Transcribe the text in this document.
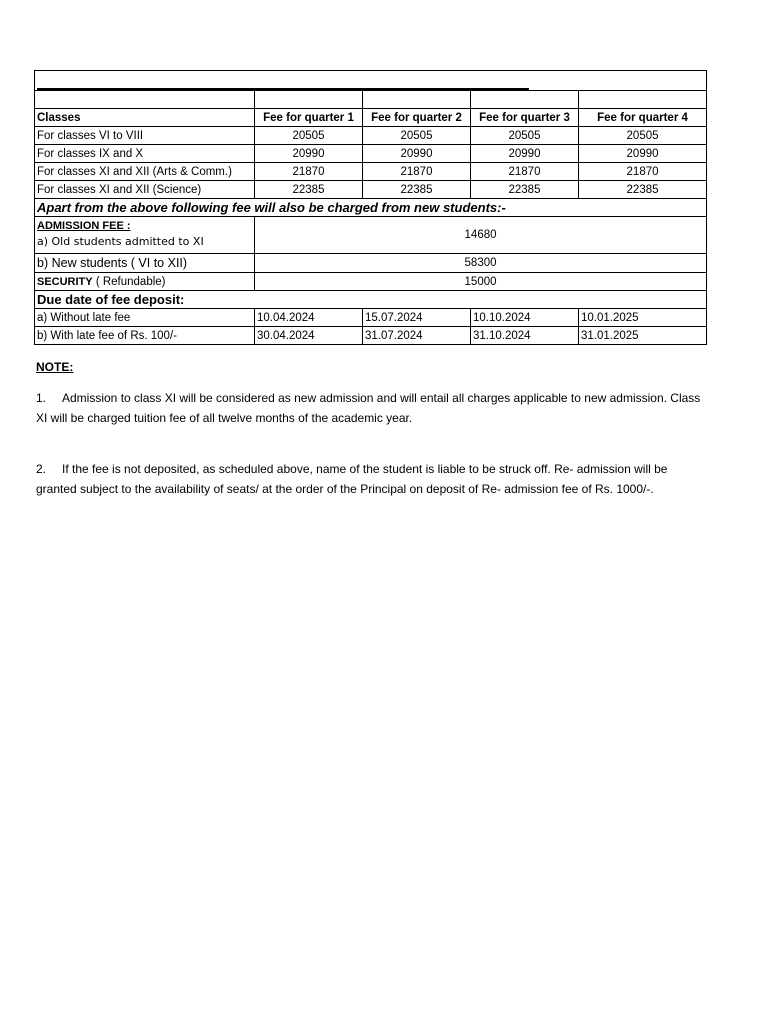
Classes	Fee for quarter 1	Fee for quarter 2	Fee for quarter 3	Fee for quarter 4
For classes VI to VIII	20505	20505	20505	20505
For classes IX and X	20990	20990	20990	20990
For classes XI and XII (Arts & Comm.)	21870	21870	21870	21870
For classes XI and XII (Science)	22385	22385	22385	22385
Apart from the above following fee will also be charged from new students:-				

ADMISSION FEE :
a) Old students admitted to XI	14680			
b) New students ( VI to XII)	58300			
SECURITY ( Refundable)	15000			
Due date of fee deposit:				
a) Without late fee	10.04.2024	15.07.2024	10.10.2024	10.01.2025
b) With late fee of Rs. 100/-	30.04.2024	31.07.2024	31.10.2024	31.01.2025
NOTE:
1. Admission to class XI will be considered as new admission and will entail all charges applicable to new admission. Class XI will be charged tuition fee of all twelve months of the academic year.
2. If the fee is not deposited, as scheduled above, name of the student is liable to be struck off. Re- admission will be granted subject to the availability of seats/ at the order of the Principal on deposit of Re- admission fee of Rs. 1000/-.
